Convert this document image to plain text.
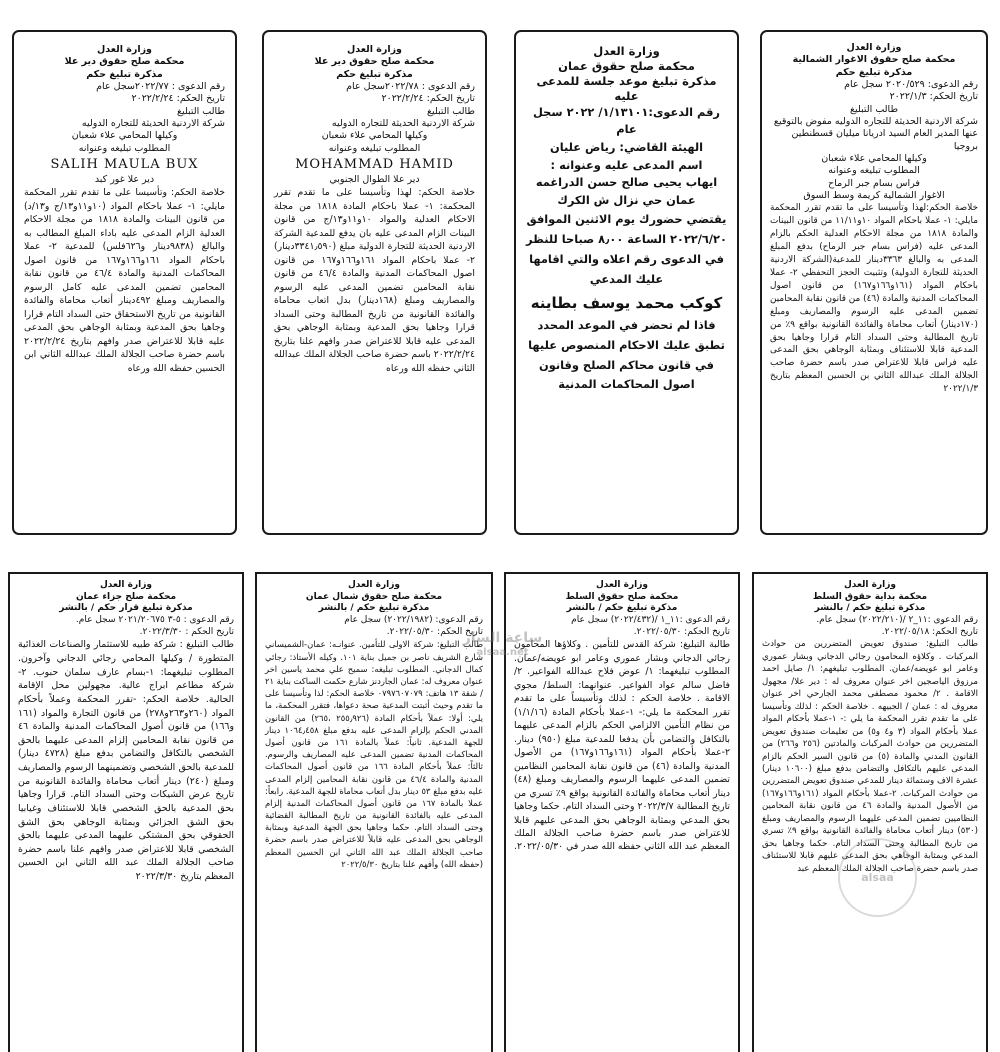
وزارة العدل
محكمة صلح حقوق دير علا
مذكرة تبليغ حكم
رقم الدعوى : ٢٠٢٢/٧٧سجل عام
تاريخ الحكم: ٢٠٢٢/٢/٢٤
طالب التبليغ
شركة الاردنية الحديثة للتجاره الدوليه
وكيلها المحامي علاء شعبان
المطلوب تبليغه وعنوانه
SALIH MAULA BUX
دير علا غور كبد
خلاصة الحكم: وتأسيسا على ما تقدم تقرر المحكمة مايلي: ١- عملا باحكام المواد (١٠و١١و١٣/ج و١٣/د) من قانون البينات والمادة ١٨١٨ من مجلة الاحكام العدلية الزام المدعى عليه باداء المبلغ المطالب به والبالغ (٩٨٣٨دينار و٦٢٦فلس) للمدعية ٢- عملا باحكام المواد ١٦١و١٦٦و١٦٧ من قانون اصول المحاكمات المدنية والمادة ٤٦/٤ من قانون نقابة المحامين تضمين المدعى عليه كامل الرسوم والمصاريف ومبلغ ٤٩٢دينار أتعاب محاماة والفائدة القانونية من تاريخ الاستحقاق حتى السداد التام قرارا وجاهيا بحق المدعية وبمثابة الوجاهي بحق المدعى عليه قابلا للاعتراض صدر وافهم بتاريخ ٢٠٢٢/٢/٢٤ باسم حضرة صاحب الجلالة الملك عبدالله الثاني ابن الحسين حفظه الله ورعاه
وزارة العدل
محكمة صلح حقوق دير علا
مذكرة تبليغ حكم
رقم الدعوى : ٢٠٢٢/٧٨سجل عام
تاريخ الحكم: ٢٠٢٢/٢/٢٤
طالب التبليغ
شركة الاردنية الحديثة للتجاره الدوليه
وكيلها المحامي علاء شعبان
المطلوب تبليغه وعنوانه
MOHAMMAD HAMID
دير علا الطوال الجنوبي
خلاصة الحكم: لهذا وتأسيسا على ما تقدم تقرر المحكمة: ١- عملا باحكام المادة ١٨١٨ من مجلة الاحكام العدلية والمواد ١٠و١١و١٣/ج من قانون البينات الزام المدعى عليه بان يدفع للمدعية الشركة الاردنية الحديثة للتجارة الدولية مبلغ (٣٣٤١٫٥٩٠دينار) ٢- عملا باحكام المواد ١٦١و١٦٦و١٦٧ من قانون اصول المحاكمات المدنية والمادة ٤٦/٤ من قانون نقابة المحامين تضمين المدعى عليه الرسوم والمصاريف ومبلغ (١٦٨دينار) بدل اتعاب محاماة والفائدة القانونية من تاريخ المطالبة وحتى السداد قرارا وجاهيا بحق المدعية وبمثابة الوجاهي بحق المدعى عليه قابلا للاعتراض صدر وافهم علنا بتاريخ ٢٠٢٢/٢/٢٤ باسم حضرة صاحب الجلالة الملك عبدالله الثاني حفظه الله ورعاه
وزارة العدل
محكمة صلح حقوق عمان
مذكرة تبليغ موعد جلسة للمدعى عليه
رقم الدعوى:١/١٣١٠١/ ٢٠٢٢ سجل عام
الهيئة القاضي: رياض عليان
اسم المدعى عليه وعنوانه :
ايهاب يحيى صالح حسن الدراغمه
عمان حي نزال ش الكرك
يقتضي حضورك يوم الاثنين الموافق ٢٠٢٢/٦/٢٠ الساعة ٨٫٠٠ صباحا للنظر في الدعوى رقم اعلاه والتي اقامها عليك المدعي
كوكب محمد يوسف بطاينه
فاذا لم تحضر في الموعد المحدد تطبق عليك الاحكام المنصوص عليها في قانون محاكم الصلح وقانون اصول المحاكمات المدنية
وزارة العدل
محكمة صلح حقوق الاغوار الشمالية
مذكرة تبليغ حكم
رقم الدعوى: ٢٠٢٠/٥٢٩ سجل عام
تاريخ الحكم: ٢٠٢٢/١/٣
طالب التبليغ
شركة الاردنية الحديثة للتجاره الدوليه مفوض بالتوقيع عنها المدير العام السيد ادريانا ميليان قسطنطين بروجيا
وكيلها المحامي علاء شعبان
المطلوب تبليغه وعنوانه
فراس بسام جبر الرماح
الاغوار الشمالية كريمة وسط السوق
خلاصة الحكم:لهذا وتأسيسا على ما تقدم تقرر المحكمة مايلي: ١- عملا باحكام المواد ١٠و١١/١١ من قانون البينات والمادة ١٨١٨ من مجلة الاحكام العدلية الحكم بالزام المدعى عليه (فراس بسام جبر الرماح) بدفع المبلغ المدعى به والبالغ ٣٣٦٣دينار للمدعية(الشركة الاردنية الحديثة للتجارة الدولية) وتثبيت الحجز التحفظي ٢- عملا باحكام المواد (١٦١و١٦٦و١٦٧) من قانون اصول المحاكمات المدنية والمادة (٤٦) من قانون نقابة المحامين تضمين المدعى عليه الرسوم والمصاريف ومبلغ (١٧٠دينار) أتعاب محاماة والفائدة القانونية بواقع ٩٪ من تاريخ المطالبة وحتى السداد التام قرارا وجاهيا بحق المدعية قابلا للاستئناف وبمثابة الوجاهي بحق المدعى عليه فراس قابلا للاعتراض صدر باسم حضرة صاحب الجلالة الملك عبدالله الثاني بن الحسين المعظم بتاريخ ٢٠٢٢/١/٣
وزارة العدل
محكمة صلح جزاء عمان
مذكرة تبليغ قرار حكم / بالنشر
رقم الدعوى : ٥-٣ ٢٠٢١/٢٠٦٧٥ سجل عام.
تاريخ الحكم : ٢٠٢٢/٣/٣٠.
طالب التبليغ : شركة طبيه للاستثمار والصناعات الغذائية المتطورة / وكيلها المحامي رجائي الدجاني وآخرون. المطلوب تبليغهما: ١-بسام عارف سلمان حبوب. ٢-شركة مطاعم ابراج عالية. مجهولين محل الإقامة الحالية. خلاصة الحكم: -تقرر المحكمة وعملاً بأحكام المواد (٢٦٠و٢٦٣و٢٧٨) من قانون التجارة والمواد (١٦١ و١٦٦) من قانون أصول المحاكمات المدنية والمادة ٤٦ من قانون نقابة المحامين إلزام المدعى عليهما بالحق الشخصي بالتكافل والتضامن بدفع مبلغ (٤٧٢٨ دينار) للمدعية بالحق الشخصي وتضمينهما الرسوم والمصاريف ومبلغ (٢٤٠) دينار أتعاب محاماة والفائدة القانونية من تاريخ عرض الشيكات وحتى السداد التام. قرارا وجاهيا بحق المدعية بالحق الشخصي قابلا للاستئناف وغيابيا بحق الشق الجزائي وبمثابة الوجاهي بحق الشق الحقوقي بحق المشتكى عليهما المدعى عليهما بالحق الشخصي قابلا للاعتراض صدر وافهم علنا باسم حضرة صاحب الجلالة الملك عبد الله الثاني ابن الحسين المعظم بتاريخ ٢٠٢٢/٣/٣٠
وزارة العدل
محكمة صلح حقوق شمال عمان
مذكرة تبليغ حكم / بالنشر
رقم الدعوى: (٢٠٢٢/١٩٨٢) سجل عام
تاريخ الحكم: ٢٠٢٢/٠٥/٣٠.
طالب التبليغ: شركة الاولى للتأمين. عنوانـه: عمان-الشميساني شارع الشريف ناصر بن جميل بناية ١٠١. وكيله الأستاذ: رجائي كمال الدجاني. المطلوب تبليغه: سميح علي محمد ياسين اخر عنوان معروف له: عمان الجاردنز شارع حكمت الساكت بناية ٢١ / شقة ١٣ هاتف: ٠٧٩٧٦٠٧٠٧٩ خلاصة الحكم: لذا وتأسيسا على ما تقدم وحيث أثبتت المدعية صحة دعواها، فتقرر المحكمة، ما يلي: أولا: عملاً بأحكام المادة (٢٥٥٫٩٢٦ ،٢٦٥) من القانون المدني الحكم بإلزام المدعى عليه بدفع مبلغ ١٠٦٤٫٤٥٨ دينار للجهة المدعية. ثانياً: عملاً بالمادة ١٦١ من قانون أصول المحاكمات المدنية تضمين المدعى عليه المصاريف والرسوم. ثالثاً: عملاً بأحكام المادة ١٦٦ من قانون أصول المحاكمات المدنية والمادة ٤٦/٤ من قانون نقابة المحامين إلزام المدعى عليه بدفع مبلغ ٥٣ دينار بدل أتعاب محاماة للجهة المدعية. رابعاً: عملا بالمادة ١٦٧ من قانون أصول المحاكمات المدنية إلزام المدعى عليه بالفائدة القانونية من تاريخ المطالبة القضائية وحتى السداد التام. حكما وجاهيا بحق الجهة المدعية وبمثابة الوجاهي بحق المدعى عليه قابلاً للاعتراض صدر باسم حضرة صاحب الجلالة الملك عبد الله الثاني ابن الحسين المعظم (حفظه الله) وأفهم علنا بتاريخ ٢٠٢٢/٥/٣٠
وزارة العدل
محكمة صلح حقوق السلط
مذكرة تبليغ حكم / بالنشر
رقم الدعوى :١١_١ /(٢٠٢٢/٤٣٢) سجل عام
تاريخ الحكم: ٢٠٢٢/٠٥/٣٠.
طالبة التبليغ: شركة القدس للتأمين . وكلاؤها المحامون رجائي الدجاني وبشار عموري وعامر ابو عويضه/عمان. المطلوب تبليغهما: ١/ عوض فلاح عبدالله الفواعير. ٢/ فاضل سالم عواد الفواعير. عنوانهما: السلط/ مجوي الاقامة . خلاصة الحكم : لذلك وتأسيساً على ما تقدم تقرر المحكمة ما يلي:- ١-عملا بأحكام المادة (١/١/١٦) من نظام التأمين الالزامي الحكم بالزام المدعى عليهما بالتكافل والتضامن بأن يدفعا للمدعية مبلغ (٩٥٠) دينار. ٢-عملا بأحكام المواد (١٦١و١٦٦و١٦٧) من الأصول المدنية والمادة (٤٦) من قانون نقابة المحامين النظامين تضمين المدعى عليهما الرسوم والمصاريف ومبلغ (٤٨) دينار أتعاب محاماة والفائدة القانونية بواقع ٩٪ تسري من تاريخ المطالبة ٢٠٢٢/٣/٧ وحتى السداد التام. حكما وجاهيا بحق المدعي وبمثابة الوجاهي بحق المدعى عليهم قابلا للاعتراض صدر باسم حضرة صاحب الجلالة الملك المعظم عبد الله الثاني حفظه الله صدر في ٢٠٢٢/٠٥/٣٠.
وزارة العدل
محكمة بداية حقوق السلط
مذكرة تبليغ حكم / بالنشر
رقم الدعوى :١١_٢ /(٢٠٢٢/٢١٠) سجل عام.
تاريخ الحكم: ٢٠٢٢/٠٥/١٨.
طالب التبليغ: صندوق تعويض المتضررين من حوادث المركبات . وكلاؤه المحامون رجائي الدجاني وبشار عموري وعامر ابو عويضه/عمان. المطلوب تبليغهم: ١/ صايل احمد مرزوق الياصجين اخر عنوان معروف له : دير علا/ مجهول الاقامة . ٢/ محمود مصطفى محمد الجارحي اخر عنوان معروف له : عمان / الجبيهه . خلاصة الحكم : لذلك وتأسيسا على ما تقدم تقرر المحكمة ما يلي :- ١-عملا بأحكام المواد عملا بأحكام المواد (٣ و٤ و٥) من تعليمات صندوق تعويض المتضررين من حوادث المركبات والمادتين (٢٥٦ و٢٦٦) من القانون المدني والمادة (٥) من قانون السير الحكم بالزام المدعى عليهم بالتكافل والتضامن بدفع مبلغ (١٠٦٠٠ دينار) عشرة الاف وستمائة دينار للمدعي صندوق تعويض المتضررين من حوادث المركبات. ٢-عملا بأحكام المواد (١٦١و١٦٦و١٦٧) من الأصول المدنية والمادة ٤٦ من قانون نقابة المحامين النظاميين تضمين المدعى عليهما الرسوم والمصاريف ومبلغ (٥٣٠) دينار أتعاب محاماة والفائدة القانونية بواقع ٩٪ تسري من تاريخ المطالبة وحتى السداد التام. حكما وجاهيا بحق المدعي وبمثابة الوجاهي بحق المدعى عليهم قابلا للاستئناف صدر باسم حضرة صاحب الجلالة الملك المعظم عبد
ساعة السار
alsaa.net
alsaa
